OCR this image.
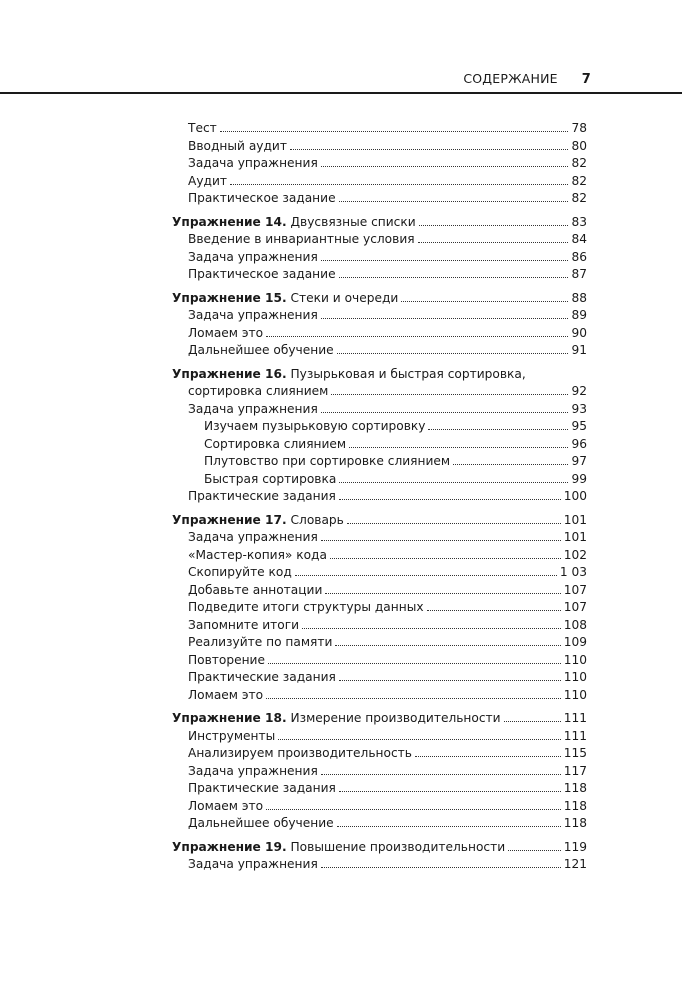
СОДЕРЖАНИЕ 7
Тест	78
Вводный аудит	80
Задача упражнения	82
Аудит	82
Практическое задание	82
Упражнение 14. Двусвязные списки	83
Введение в инвариантные условия	84
Задача упражнения	86
Практическое задание	87
Упражнение 15. Стеки и очереди	88
Задача упражнения	89
Ломаем это	90
Дальнейшее обучение	91
Упражнение 16. Пузырьковая и быстрая сортировка,
сортировка слиянием	92
Задача упражнения	93
Изучаем пузырьковую сортировку	95
Сортировка слиянием	96
Плутовство при сортировке слиянием	97
Быстрая сортировка	99
Практические задания	100
Упражнение 17. Словарь	101
Задача упражнения	101
«Мастер-копия» кода	102
Скопируйте код	1 03
Добавьте аннотации	107
Подведите итоги структуры данных	107
Запомните итоги	108
Реализуйте по памяти	109
Повторение	110
Практические задания	110
Ломаем это	110
Упражнение 18. Измерение производительности	111
Инструменты	111
Анализируем производительность	115
Задача упражнения	117
Практические задания	118
Ломаем это	118
Дальнейшее обучение	118
Упражнение 19. Повышение производительности	119
Задача упражнения	121
